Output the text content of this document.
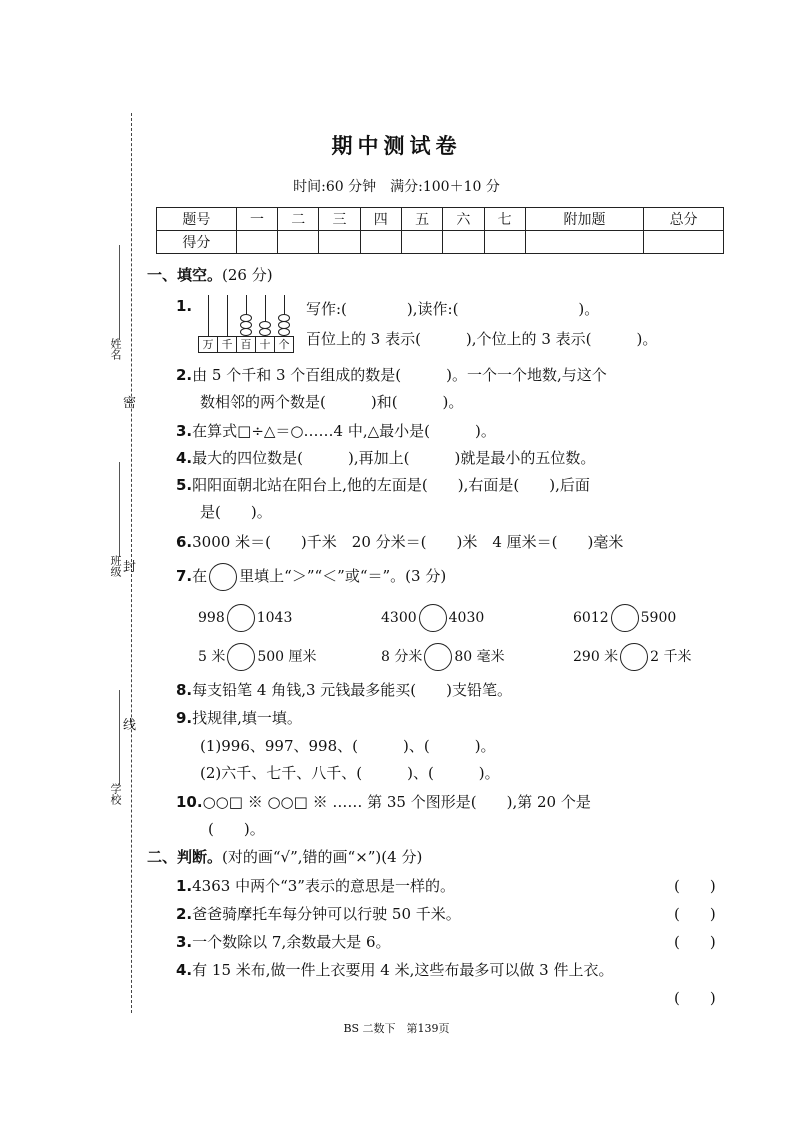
姓名
班级
学校
密
封
线
期中测试卷
时间:60 分钟　满分:100＋10 分
题号	一	二	三	四	五	六	七	附加题	总分
得分									
一、填空。(26 分)
1.
万 千 百 十 个
写作:(　　　　),读作:(　　　　　　　　)。
百位上的 3 表示(　　　),个位上的 3 表示(　　　)。
2.由 5 个千和 3 个百组成的数是(　　　)。一个一个地数,与这个
数相邻的两个数是(　　　)和(　　　)。
3.在算式□÷△＝○……4 中,△最小是(　　　)。
4.最大的四位数是(　　　),再加上(　　　)就是最小的五位数。
5.阳阳面朝北站在阳台上,他的左面是(　　),右面是(　　),后面
是(　　)。
6.3000 米＝(　　)千米　20 分米＝(　　)米　4 厘米＝(　　)毫米
7.在 里填上“＞”“＜”或“＝”。(3 分)
998 1043	4300 4030	6012 5900
5 米 500 厘米	8 分米 80 毫米	290 米 2 千米
8.每支铅笔 4 角钱,3 元钱最多能买(　　)支铅笔。
9.找规律,填一填。
(1)996、997、998、(　　　)、(　　　)。
(2)六千、七千、八千、(　　　)、(　　　)。
10.○○□ ※ ○○□ ※ …… 第 35 个图形是(　　),第 20 个是
(　　)。
二、判断。(对的画“√”,错的画“×”)(4 分)
1.4363 中两个“3”表示的意思是一样的。	(　　)
2.爸爸骑摩托车每分钟可以行驶 50 千米。	(　　)
3.一个数除以 7,余数最大是 6。	(　　)
4.有 15 米布,做一件上衣要用 4 米,这些布最多可以做 3 件上衣。
(　　)
BS 二数下　第139页
